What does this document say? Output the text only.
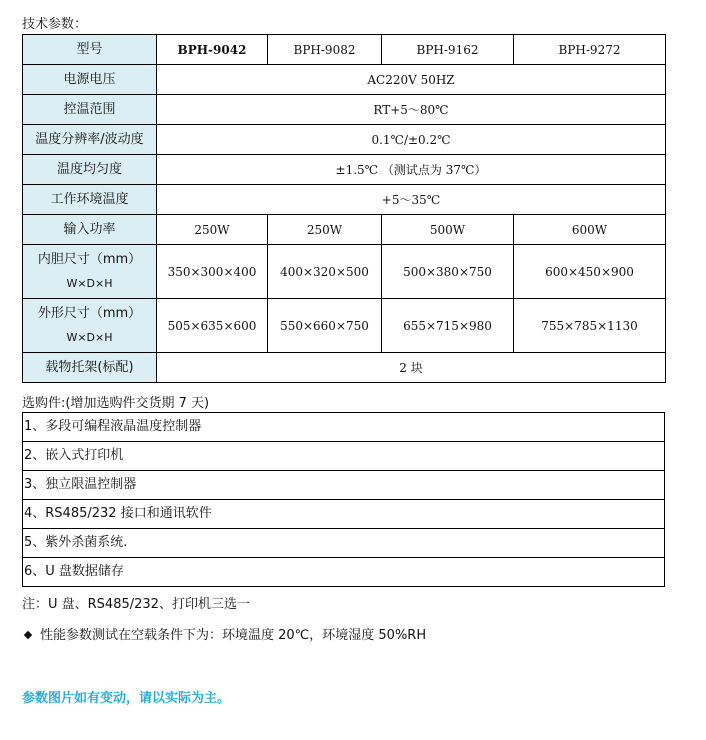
技术参数：
型号	BPH-9042	BPH-9082	BPH-9162	BPH-9272
电源电压	AC220V 50HZ			
控温范围	RT+5～80℃			
温度分辨率/波动度	0.1℃/±0.2℃			
温度均匀度	±1.5℃ （测试点为 37℃）			
工作环境温度	+5～35℃			
输入功率	250W	250W	500W	600W

内胆尺寸（mm）
W×D×H	350×300×400	400×320×500	500×380×750	600×450×900

外形尺寸（mm）
W×D×H	505×635×600	550×660×750	655×715×980	755×785×1130
载物托架(标配)	2 块			
选购件:(增加选购件交货期 7 天)
1、多段可编程液晶温度控制器
2、嵌入式打印机
3、独立限温控制器
4、RS485/232 接口和通讯软件
5、紫外杀菌系统.
6、U 盘数据储存
注：U 盘、RS485/232、打印机三选一
性能参数测试在空载条件下为：环境温度 20℃，环境湿度 50%RH
参数图片如有变动，请以实际为主。
